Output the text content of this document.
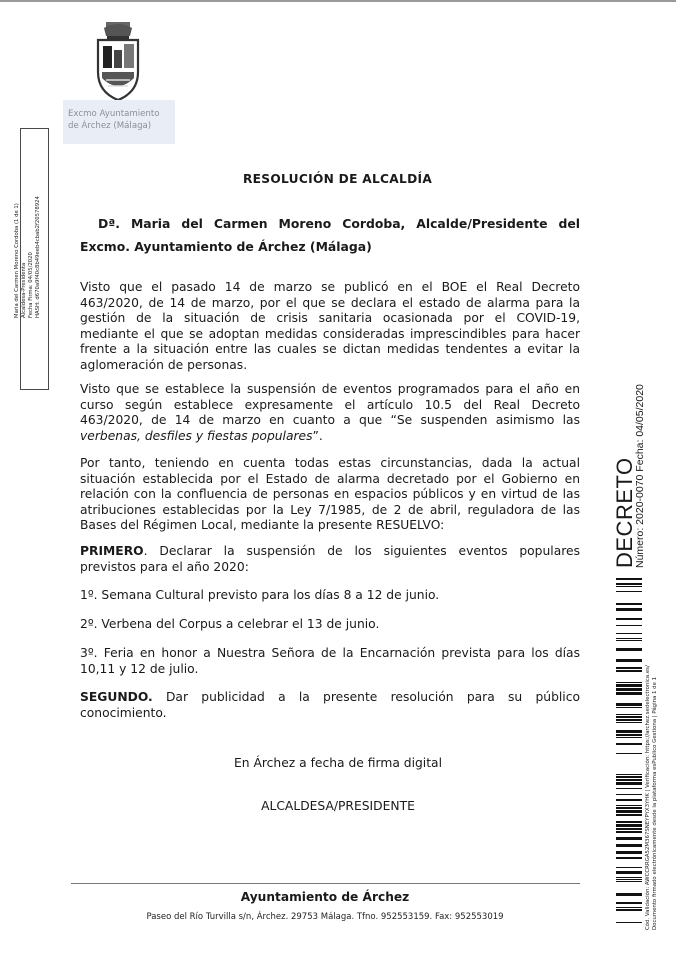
Excmo Ayuntamiento
de Árchez (Málaga)
Maria del Carmen Moreno Cordoba (1 de 1) Alcaldesa-Presidenta Fecha Firma: 04/05/2020 HASH: d670a9f40c8b49eeb4cbab2f20578924
RESOLUCIÓN DE ALCALDÍA
Dª. Maria del Carmen Moreno Cordoba, Alcalde/Presidente del
Excmo. Ayuntamiento de Árchez (Málaga)
Visto que el pasado 14 de marzo se publicó en el BOE el Real Decreto
463/2020, de 14 de marzo, por el que se declara el estado de alarma para la
gestión de la situación de crisis sanitaria ocasionada por el COVID-19,
mediante el que se adoptan medidas consideradas imprescindibles para hacer
frente a la situación entre las cuales se dictan medidas tendentes a evitar la
aglomeración de personas.
Visto que se establece la suspensión de eventos programados para el año en
curso según establece expresamente el artículo 10.5 del Real Decreto
463/2020, de 14 de marzo en cuanto a que “Se suspenden asimismo las
verbenas, desfiles y fiestas populares”.
Por tanto, teniendo en cuenta todas estas circunstancias, dada la actual
situación establecida por el Estado de alarma decretado por el Gobierno en
relación con la confluencia de personas en espacios públicos y en virtud de las
atribuciones establecidas por la Ley 7/1985, de 2 de abril, reguladora de las
Bases del Régimen Local, mediante la presente RESUELVO:
PRIMERO. Declarar la suspensión de los siguientes eventos populares
previstos para el año 2020:
1º. Semana Cultural previsto para los días 8 a 12 de junio.
2º. Verbena del Corpus a celebrar el 13 de junio.
3º. Feria en honor a Nuestra Señora de la Encarnación prevista para los días
10,11 y 12 de julio.
SEGUNDO. Dar publicidad a la presente resolución para su público
conocimiento.
En Árchez a fecha de firma digital
ALCALDESA/PRESIDENTE
Ayuntamiento de Árchez
Paseo del Río Turvilla s/n, Árchez. 29753 Málaga. Tfno. 952553159. Fax: 952553019
DECRETO
Número: 2020-0070 Fecha: 04/05/2020
Cód. Validación: AWCCRRGA52M367SNEYPYX3YHK | Verificación: https://archez.sedelectronica.es/ Documento firmado electrónicamente desde la plataforma esPublico Gestiona | Página 1 de 1
